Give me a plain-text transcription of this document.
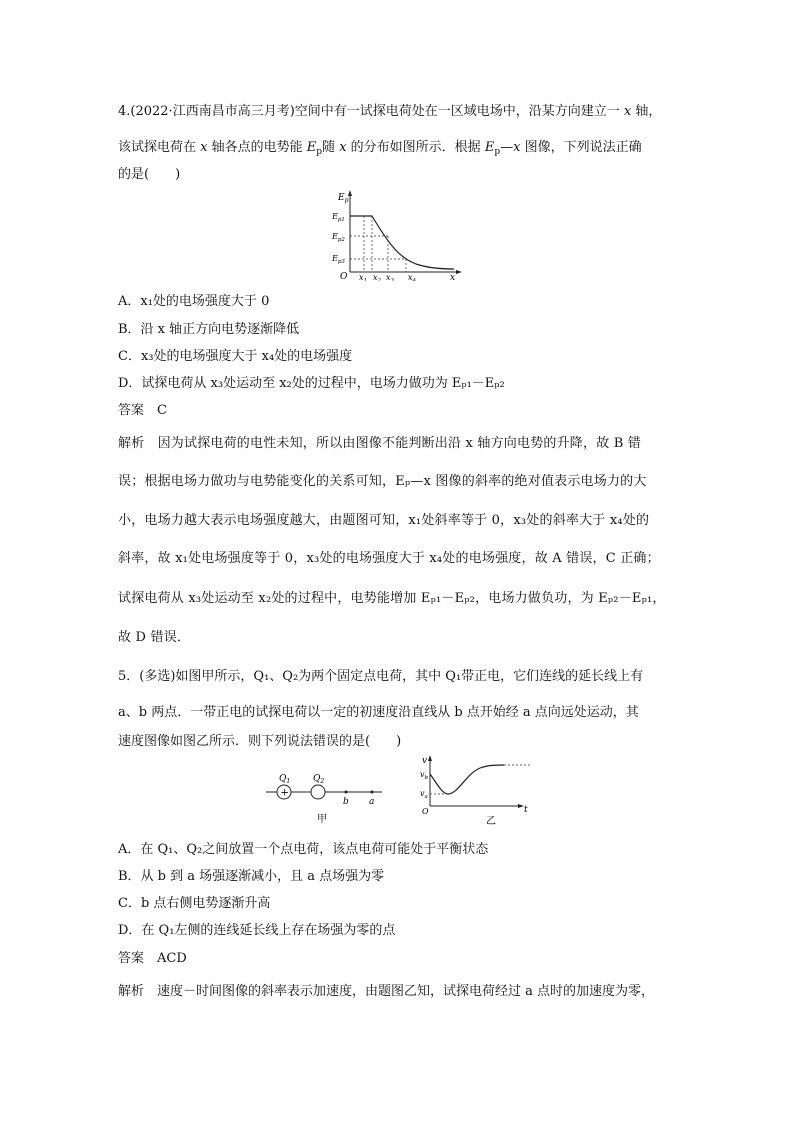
4.(2022·江西南昌市高三月考)空间中有一试探电荷处在一区域电场中，沿某方向建立一 x 轴，
该试探电荷在 x 轴各点的电势能 $E_p$随 x 的分布如图所示．根据 $E_p—x$ 图像，下列说法正确
的是(　　)
$E_p$
$E_{p1}$
$E_{p2}$
$E_{p3}$
O $x_1$ $x_2$ $x_3$ $x_4$	x
A．x₁处的电场强度大于 0
B．沿 x 轴正方向电势逐渐降低
C．x₃处的电场强度大于 x₄处的电场强度
D．试探电荷从 x₃处运动至 x₂处的过程中，电场力做功为 Eₚ₁－Eₚ₂
答案　C
解析　因为试探电荷的电性未知，所以由图像不能判断出沿 x 轴方向电势的升降，故 B 错
误；根据电场力做功与电势能变化的关系可知，Eₚ—x 图像的斜率的绝对值表示电场力的大
小，电场力越大表示电场强度越大，由题图可知，x₁处斜率等于 0，x₃处的斜率大于 x₄处的
斜率，故 x₁处电场强度等于 0，x₃处的电场强度大于 x₄处的电场强度，故 A 错误，C 正确；
试探电荷从 x₃处运动至 x₂处的过程中，电势能增加 Eₚ₁－Eₚ₂，电场力做负功，为 Eₚ₂－Eₚ₁，
故 D 错误．
5．(多选)如图甲所示，Q₁、Q₂为两个固定点电荷，其中 Q₁带正电，它们连线的延长线上有
a、b 两点．一带正电的试探电荷以一定的初速度沿直线从 b 点开始经 a 点向远处运动，其
速度图像如图乙所示．则下列说法错误的是(　　)
+
$Q_1$	$Q_2$
b a
甲
v
$v_b$
$v_a$
O	t
乙
A．在 Q₁、Q₂之间放置一个点电荷，该点电荷可能处于平衡状态
B．从 b 到 a 场强逐渐减小，且 a 点场强为零
C．b 点右侧电势逐渐升高
D．在 Q₁左侧的连线延长线上存在场强为零的点
答案　ACD
解析　速度－时间图像的斜率表示加速度，由题图乙知，试探电荷经过 a 点时的加速度为零，
